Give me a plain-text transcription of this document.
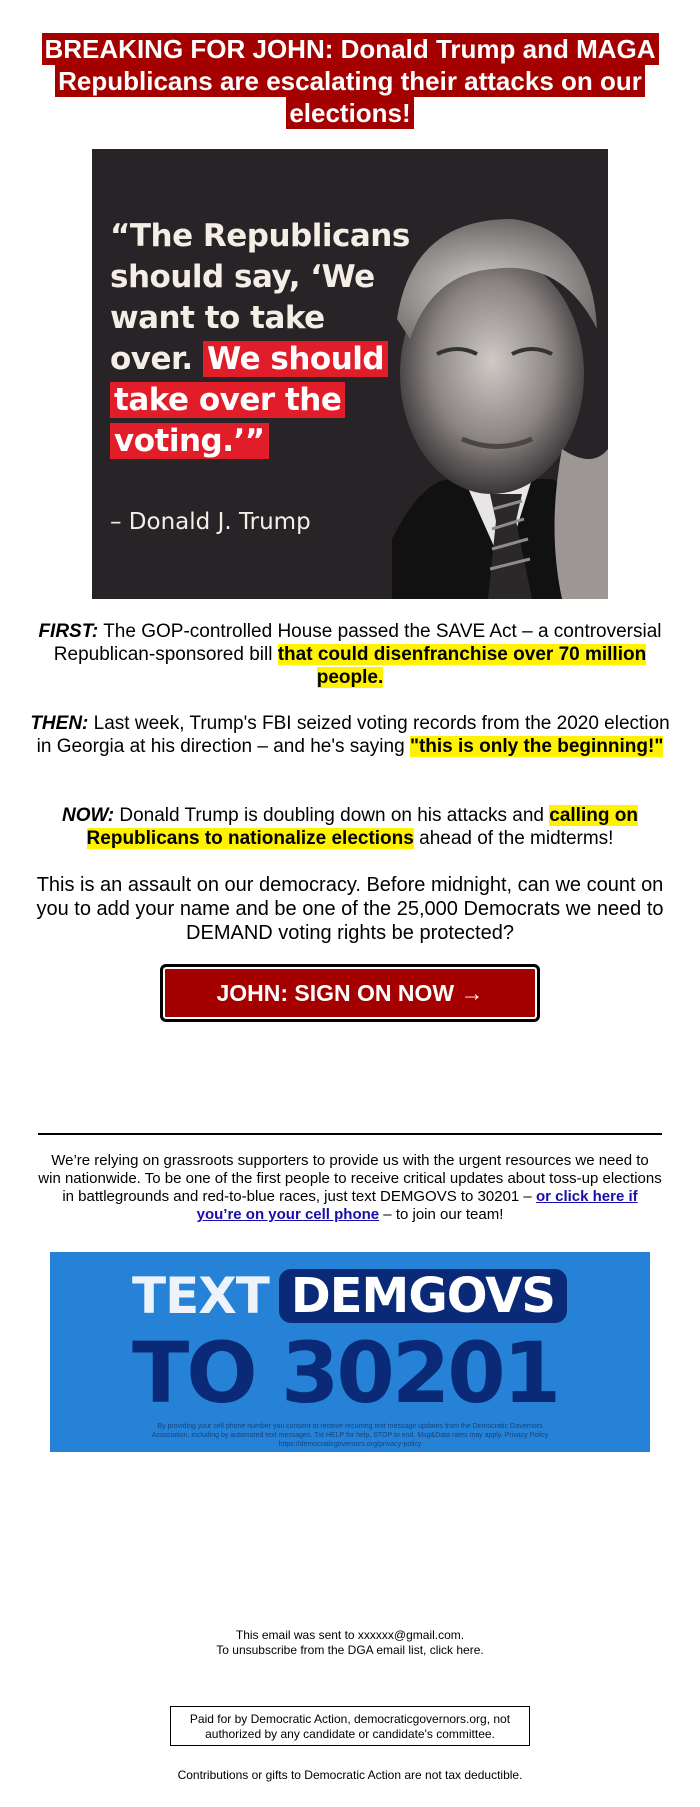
BREAKING FOR JOHN: Donald Trump and MAGA Republicans are escalating their attacks on our elections!
“The Republicans should say, ‘We want to take over. We should take over the voting.’”
– Donald J. Trump

FIRST: The GOP-controlled House passed the SAVE Act – a controversial Republican-sponsored bill that could disenfranchise over 70 million people.

THEN: Last week, Trump's FBI seized voting records from the 2020 election in Georgia at his direction – and he's saying "this is only the beginning!"

NOW: Donald Trump is doubling down on his attacks and calling on Republicans to nationalize elections ahead of the midterms!

This is an assault on our democracy. Before midnight, can we count on you to add your name and be one of the 25,000 Democrats we need to DEMAND voting rights be protected?

JOHN: SIGN ON NOW →

We’re relying on grassroots supporters to provide us with the urgent resources we need to win nationwide. To be one of the first people to receive critical updates about toss-up elections in battlegrounds and red-to-blue races, just text DEMGOVS to 30201 – or click here if you’re on your cell phone – to join our team!

TEXT DEMGOVS
TO 30201
By providing your cell phone number you consent to receive recurring text message updates from the Democratic Governors Association, including by automated text messages. Txt HELP for help, STOP to end. Msg&Data rates may apply. Privacy Policy https://democraticgovernors.org/privacy-policy
This email was sent to xxxxxx@gmail.com.
To unsubscribe from the DGA email list, click here.
Paid for by Democratic Action, democraticgovernors.org, not authorized by any candidate or candidate's committee.
Contributions or gifts to Democratic Action are not tax deductible.
